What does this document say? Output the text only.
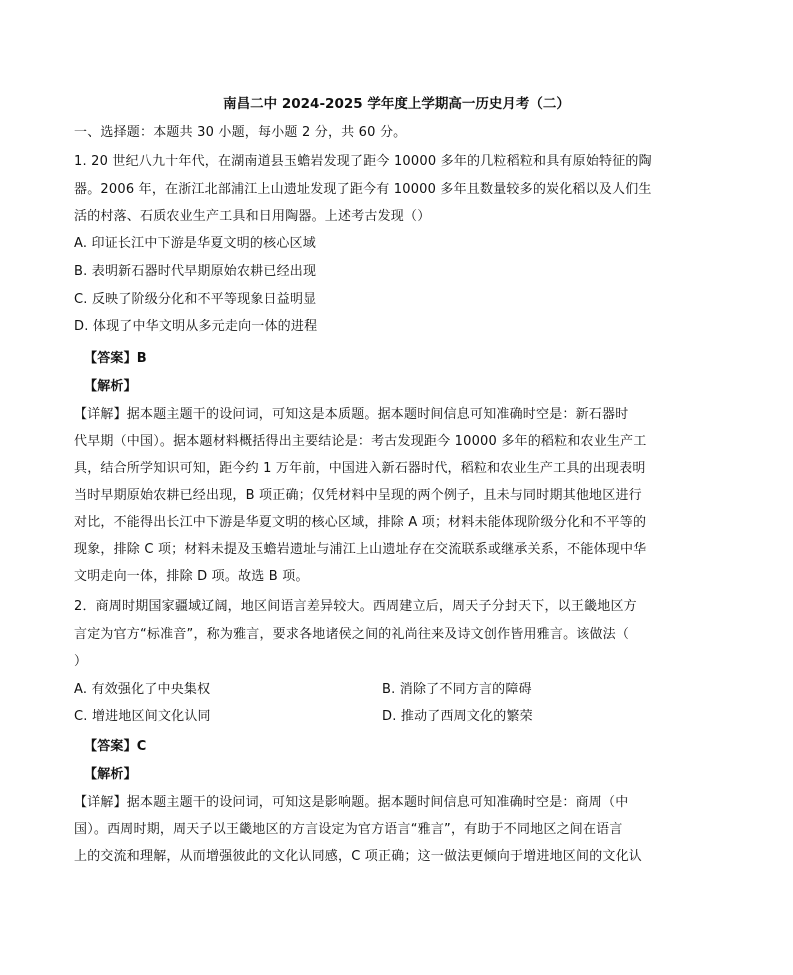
南昌二中 2024-2025 学年度上学期高一历史月考（二）
一、选择题：本题共 30 小题，每小题 2 分，共 60 分。
1. 20 世纪八九十年代，在湖南道县玉蟾岩发现了距今 10000 多年的几粒稻粒和具有原始特征的陶
器。2006 年，在浙江北部浦江上山遗址发现了距今有 10000 多年且数量较多的炭化稻以及人们生
活的村落、石质农业生产工具和日用陶器。上述考古发现（）
A. 印证长江中下游是华夏文明的核心区域
B. 表明新石器时代早期原始农耕已经出现
C. 反映了阶级分化和不平等现象日益明显
D. 体现了中华文明从多元走向一体的进程
【答案】B
【解析】
【详解】据本题主题干的设问词，可知这是本质题。据本题时间信息可知准确时空是：新石器时
代早期（中国）。据本题材料概括得出主要结论是：考古发现距今 10000 多年的稻粒和农业生产工
具，结合所学知识可知，距今约 1 万年前，中国进入新石器时代，稻粒和农业生产工具的出现表明
当时早期原始农耕已经出现，B 项正确；仅凭材料中呈现的两个例子，且未与同时期其他地区进行
对比，不能得出长江中下游是华夏文明的核心区域，排除 A 项；材料未能体现阶级分化和不平等的
现象，排除 C 项；材料未提及玉蟾岩遗址与浦江上山遗址存在交流联系或继承关系，不能体现中华
文明走向一体，排除 D 项。故选 B 项。
2．商周时期国家疆域辽阔，地区间语言差异较大。西周建立后，周天子分封天下，以王畿地区方
言定为官方“标准音”，称为雅言，要求各地诸侯之间的礼尚往来及诗文创作皆用雅言。该做法（
）
A. 有效强化了中央集权	B. 消除了不同方言的障碍
C. 增进地区间文化认同	D. 推动了西周文化的繁荣
【答案】C
【解析】
【详解】据本题主题干的设问词，可知这是影响题。据本题时间信息可知准确时空是：商周（中
国）。西周时期，周天子以王畿地区的方言设定为官方语言“雅言”，有助于不同地区之间在语言
上的交流和理解，从而增强彼此的文化认同感，C 项正确；这一做法更倾向于增进地区间的文化认
